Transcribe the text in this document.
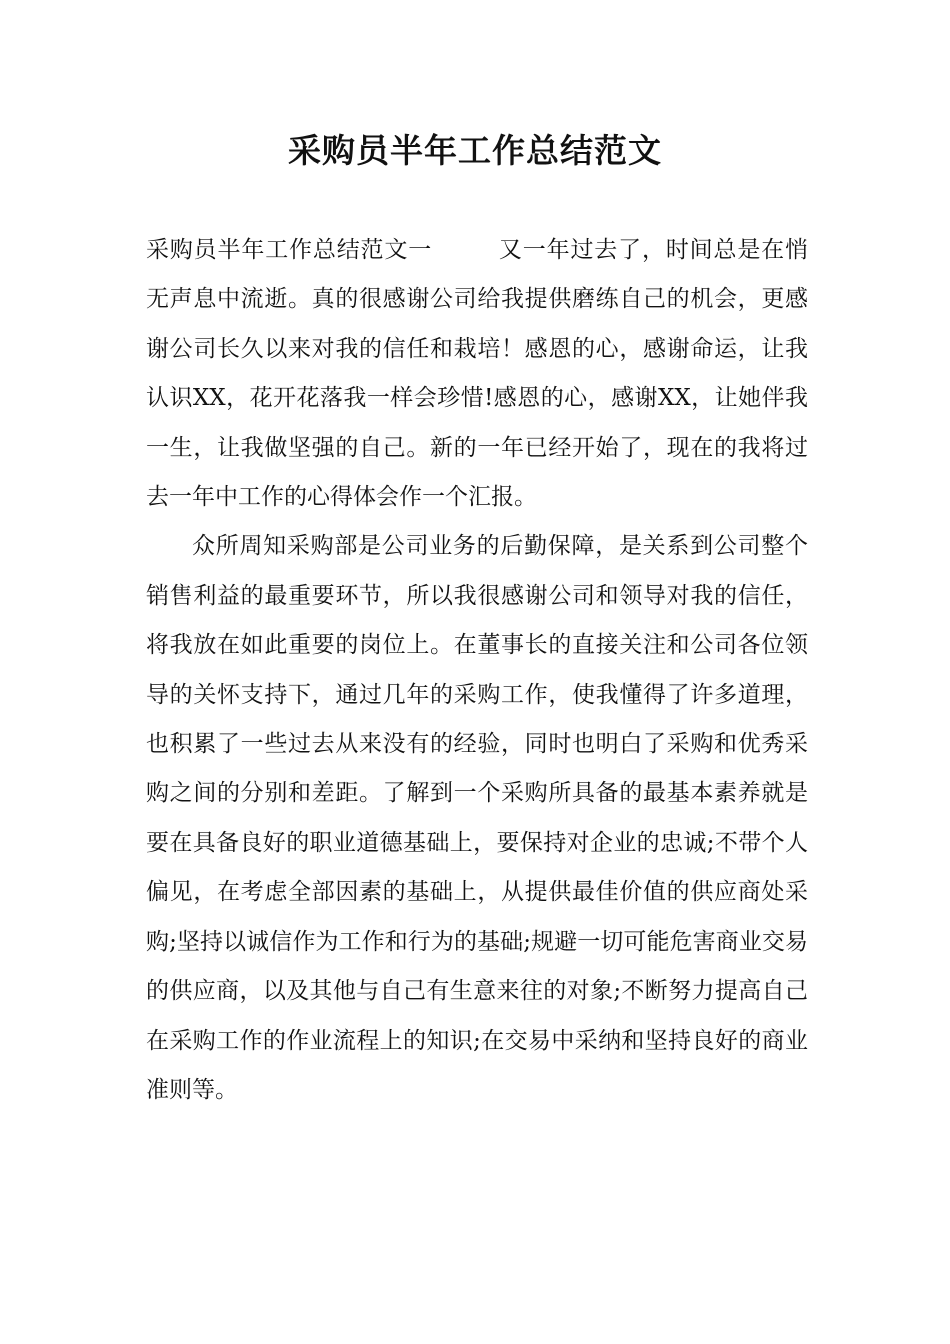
采购员半年工作总结范文

采购员半年工作总结范文一	又一年过去了，时间总是在悄无声息中流逝。真的很感谢公司给我提供磨练自己的机会，更感谢公司长久以来对我的信任和栽培！感恩的心，感谢命运，让我认识XX，花开花落我一样会珍惜!感恩的心，感谢XX，让她伴我一生，让我做坚强的自己。新的一年已经开始了，现在的我将过去一年中工作的心得体会作一个汇报。

众所周知采购部是公司业务的后勤保障，是关系到公司整个销售利益的最重要环节，所以我很感谢公司和领导对我的信任，将我放在如此重要的岗位上。在董事长的直接关注和公司各位领导的关怀支持下，通过几年的采购工作，使我懂得了许多道理，也积累了一些过去从来没有的经验，同时也明白了采购和优秀采购之间的分别和差距。了解到一个采购所具备的最基本素养就是要在具备良好的职业道德基础上，要保持对企业的忠诚;不带个人偏见，在考虑全部因素的基础上，从提供最佳价值的供应商处采购;坚持以诚信作为工作和行为的基础;规避一切可能危害商业交易的供应商，以及其他与自己有生意来往的对象;不断努力提高自己在采购工作的作业流程上的知识;在交易中采纳和坚持良好的商业准则等。
